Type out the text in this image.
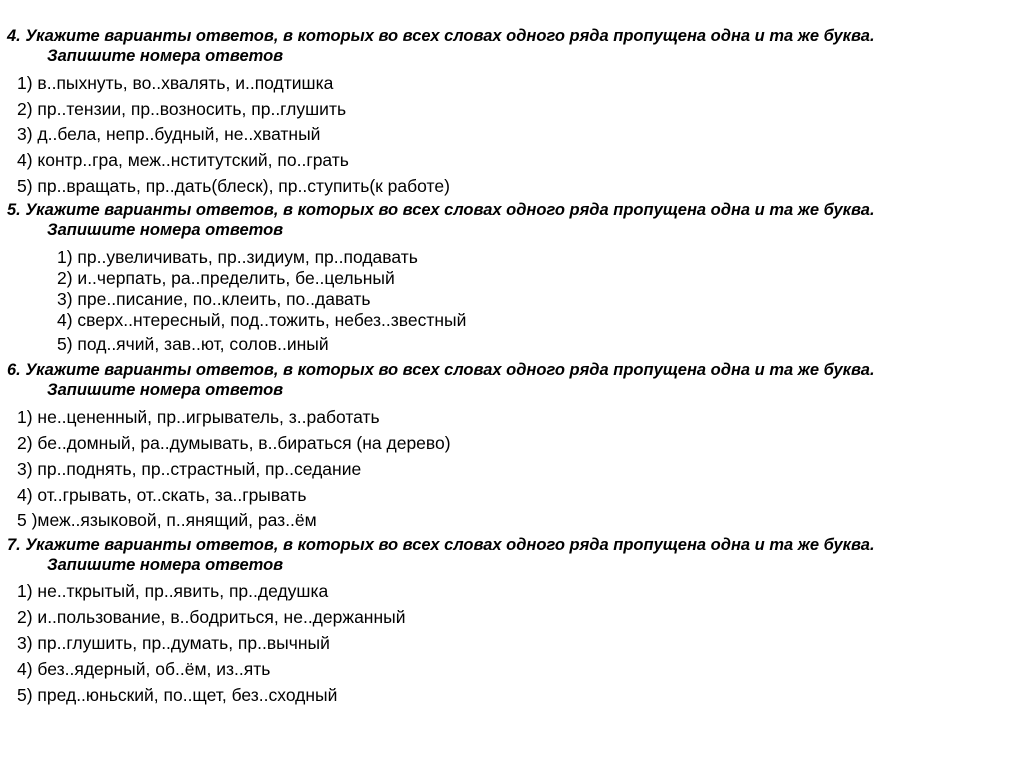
4. Укажите варианты ответов, в которых во всех словах одного ряда пропущена одна и та же буква.
Запишите номера ответов
1) в..пыхнуть, во..хвалять, и..подтишка
2) пр..тензии, пр..возносить, пр..глушить
3) д..бела, непр..будный, не..хватный
4) контр..гра, меж..нститутский, по..грать
5) пр..вращать, пр..дать(блеск), пр..ступить(к работе)
5. Укажите варианты ответов, в которых во всех словах одного ряда пропущена одна и та же буква.
Запишите номера ответов
1) пр..увеличивать, пр..зидиум, пр..подавать
2) и..черпать, ра..пределить, бе..цельный
3) пре..писание, по..клеить, по..давать
4) сверх..нтересный, под..тожить, небез..звестный
5) под..ячий, зав..ют, солов..иный
6. Укажите варианты ответов, в которых во всех словах одного ряда пропущена одна и та же буква.
Запишите номера ответов
1) не..цененный, пр..игрыватель, з..работать
2) бе..домный, ра..думывать, в..бираться (на дерево)
3) пр..поднять, пр..страстный, пр..седание
4) от..грывать, от..скать, за..грывать
5 )меж..языковой, п..янящий, раз..ём
7. Укажите варианты ответов, в которых во всех словах одного ряда пропущена одна и та же буква.
Запишите номера ответов
1) не..ткрытый, пр..явить, пр..дедушка
2) и..пользование, в..бодриться, не..держанный
3) пр..глушить, пр..думать, пр..вычный
4) без..ядерный, об..ём, из..ять
5) пред..юньский, по..щет, без..сходный
